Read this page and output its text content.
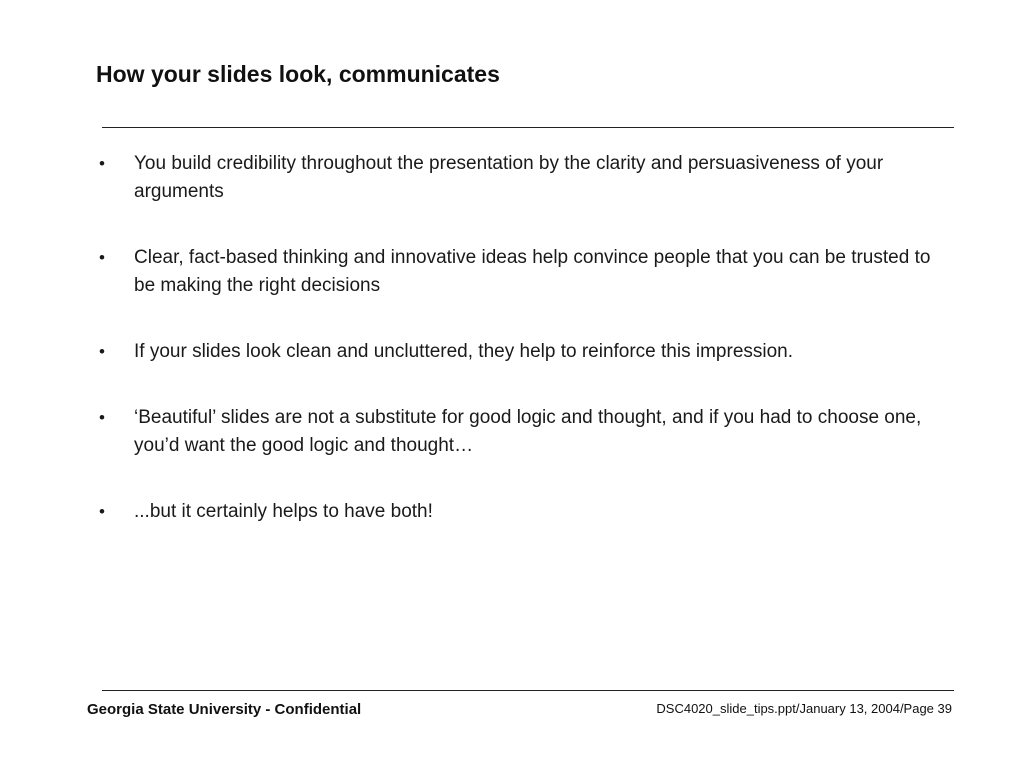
How your slides look, communicates
•	You build credibility throughout the presentation by the clarity and persuasiveness of your arguments
•	Clear, fact-based thinking and innovative ideas help convince people that you can be trusted to be making the right decisions
•	If your slides look clean and uncluttered, they help to reinforce this impression.
•	‘Beautiful’ slides are not a substitute for good logic and thought, and if you had to choose one, you’d want the good logic and thought…
•	...but it certainly helps to have both!
Georgia State University - Confidential	DSC4020_slide_tips.ppt/January 13, 2004/Page 39
